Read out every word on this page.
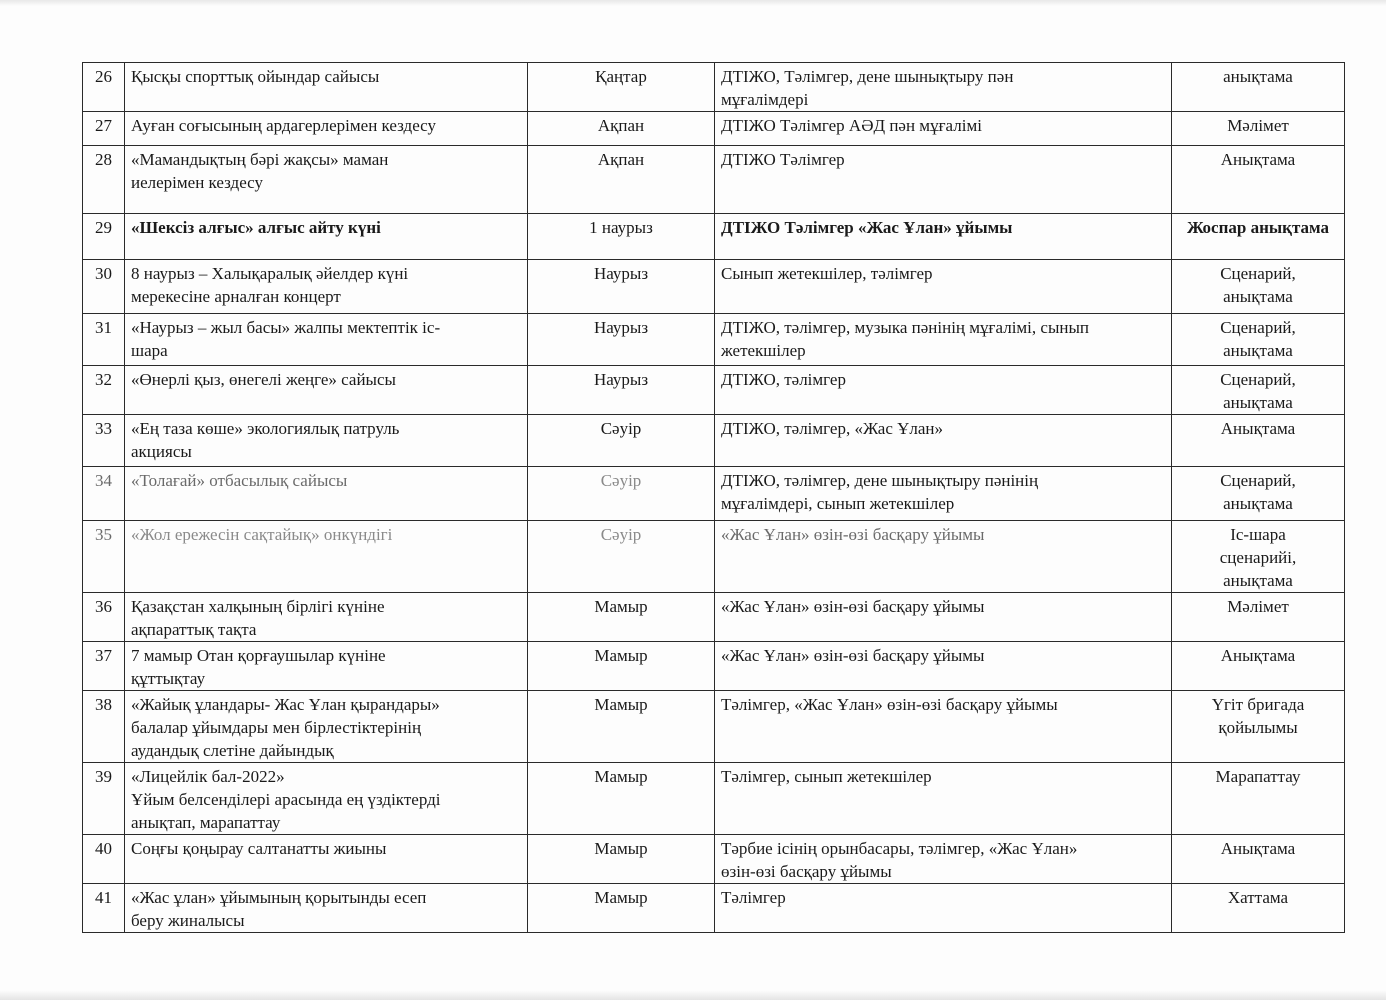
26	Қысқы спорттық ойындар сайысы	Қаңтар	ДТІЖО, Тәлімгер, дене шынықтыру пән
мұғалімдері	анықтама
27	Ауған соғысының ардагерлерімен кездесу	Ақпан	ДТІЖО Тәлімгер АӘД пән мұғалімі	Мәлімет
28	«Мамандықтың бәрі жақсы» маман
иелерімен кездесу	Ақпан	ДТІЖО Тәлімгер	Анықтама
29	«Шексіз алғыс» алғыс айту күні	1 наурыз	ДТІЖО Тәлімгер «Жас Ұлан» ұйымы	Жоспар анықтама
30	8 наурыз – Халықаралық әйелдер күні
мерекесіне арналған концерт	Наурыз	Сынып жетекшілер, тәлімгер	Сценарий,
анықтама
31	«Наурыз – жыл басы» жалпы мектептік іс-
шара	Наурыз	ДТІЖО, тәлімгер, музыка пәнінің мұғалімі, сынып
жетекшілер	Сценарий,
анықтама
32	«Өнерлі қыз, өнегелі жеңге» сайысы	Наурыз	ДТІЖО, тәлімгер	Сценарий,
анықтама
33	«Ең таза көше» экологиялық патруль
акциясы	Сәуір	ДТІЖО, тәлімгер, «Жас Ұлан»	Анықтама
34	«Толағай» отбасылық сайысы	Сәуір	ДТІЖО, тәлімгер, дене шынықтыру пәнінің
мұғалімдері, сынып жетекшілер	Сценарий,
анықтама
35	«Жол ережесін сақтайық» онкүндігі	Сәуір	«Жас Ұлан» өзін-өзі басқару ұйымы	Іс-шара
сценарийі,
анықтама
36	Қазақстан халқының бірлігі күніне
ақпараттық тақта	Мамыр	«Жас Ұлан» өзін-өзі басқару ұйымы	Мәлімет
37	7 мамыр Отан қорғаушылар күніне
құттықтау	Мамыр	«Жас Ұлан» өзін-өзі басқару ұйымы	Анықтама
38	«Жайық ұландары- Жас Ұлан қырандары»
балалар ұйымдары мен бірлестіктерінің
аудандық слетіне дайындық	Мамыр	Тәлімгер, «Жас Ұлан» өзін-өзі басқару ұйымы	Үгіт бригада
қойылымы
39	«Лицейлік бал-2022»
Ұйым белсенділері арасында ең үздіктерді
анықтап, марапаттау	Мамыр	Тәлімгер, сынып жетекшілер	Марапаттау
40	Соңғы қоңырау салтанатты жиыны	Мамыр	Тәрбие ісінің орынбасары, тәлімгер, «Жас Ұлан»
өзін-өзі басқару ұйымы	Анықтама
41	«Жас ұлан» ұйымының қорытынды есеп
беру жиналысы	Мамыр	Тәлімгер	Хаттама
